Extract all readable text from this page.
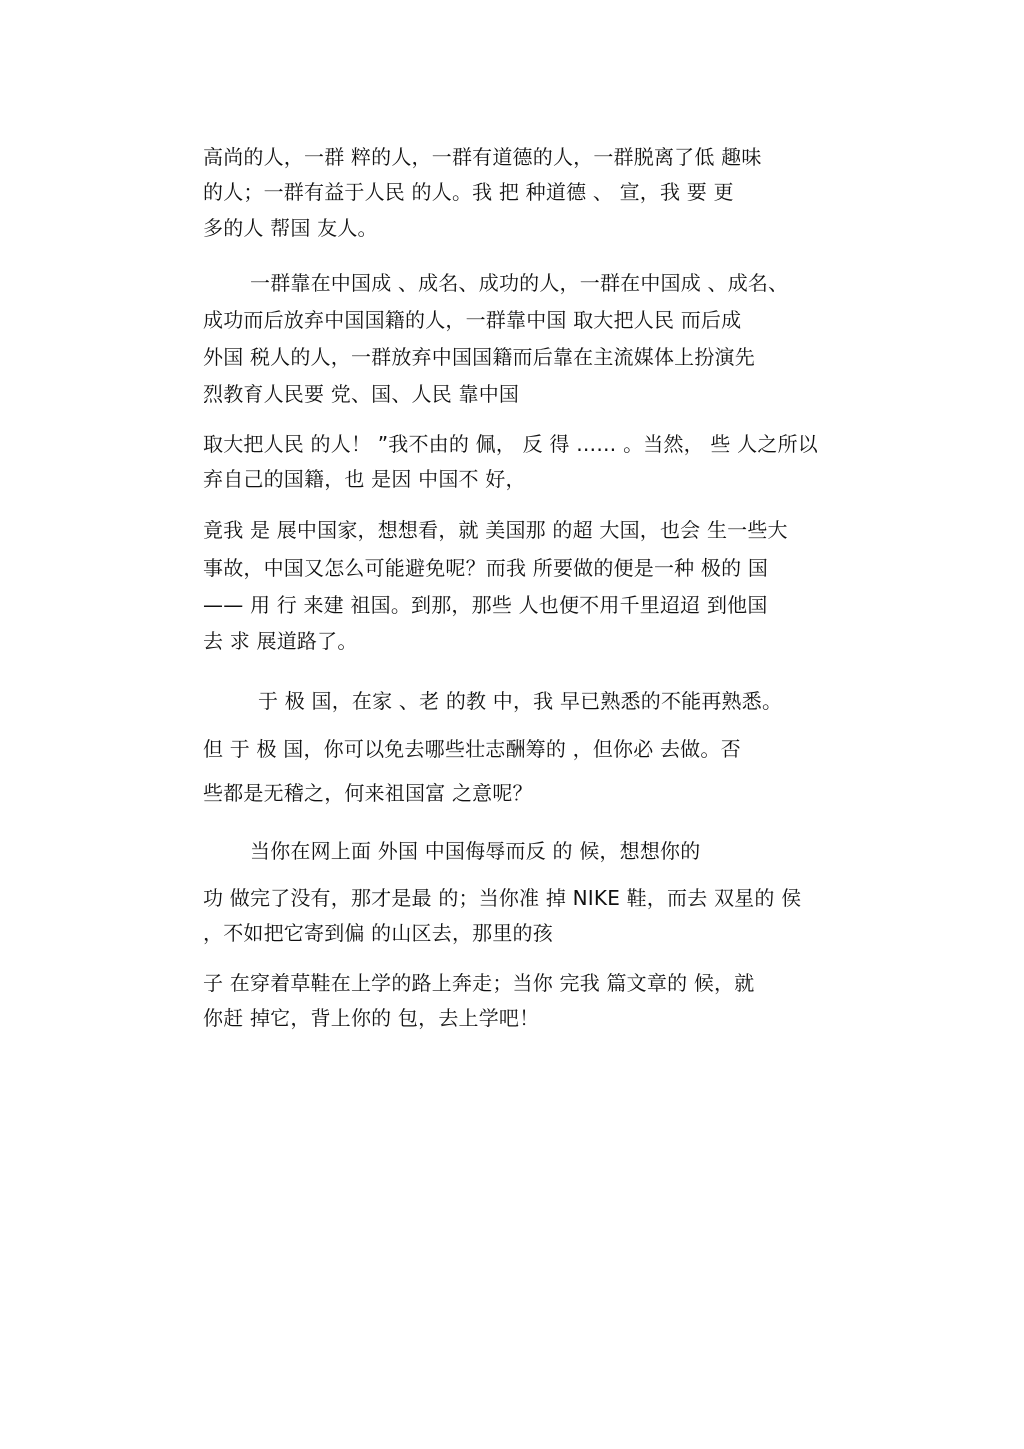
高尚的人，一群 粹的人，一群有道德的人，一群脱离了低 趣味
的人；一群有益于人民 的人。我 把 种道德 、 宣，我 要 更
多的人 帮国 友人。
一群靠在中国成 、成名、成功的人，一群在中国成 、成名、
成功而后放弃中国国籍的人，一群靠中国 取大把人民 而后成
外国 税人的人，一群放弃中国国籍而后靠在主流媒体上扮演先
烈教育人民要 党、国、人民 靠中国
取大把人民 的人！ ”我不由的 佩， 反 得 …… 。当然， 些 人之所以
弃自己的国籍，也 是因 中国不 好，
竟我 是 展中国家，想想看，就 美国那 的超 大国，也会 生一些大
事故，中国又怎么可能避免呢？而我 所要做的便是一种 极的 国
—— 用 行 来建 祖国。到那，那些 人也便不用千里迢迢 到他国
去 求 展道路了。
于 极 国，在家 、老 的教 中，我 早已熟悉的不能再熟悉。
但 于 极 国，你可以免去哪些壮志酬筹的 ，但你必 去做。否
些都是无稽之，何来祖国富 之意呢？
当你在网上面 外国 中国侮辱而反 的 候，想想你的
功 做完了没有，那才是最 的；当你准 掉 NIKE 鞋，而去 双星的 侯
，不如把它寄到偏 的山区去，那里的孩
子 在穿着草鞋在上学的路上奔走；当你 完我 篇文章的 候，就
你赶 掉它，背上你的 包，去上学吧！
